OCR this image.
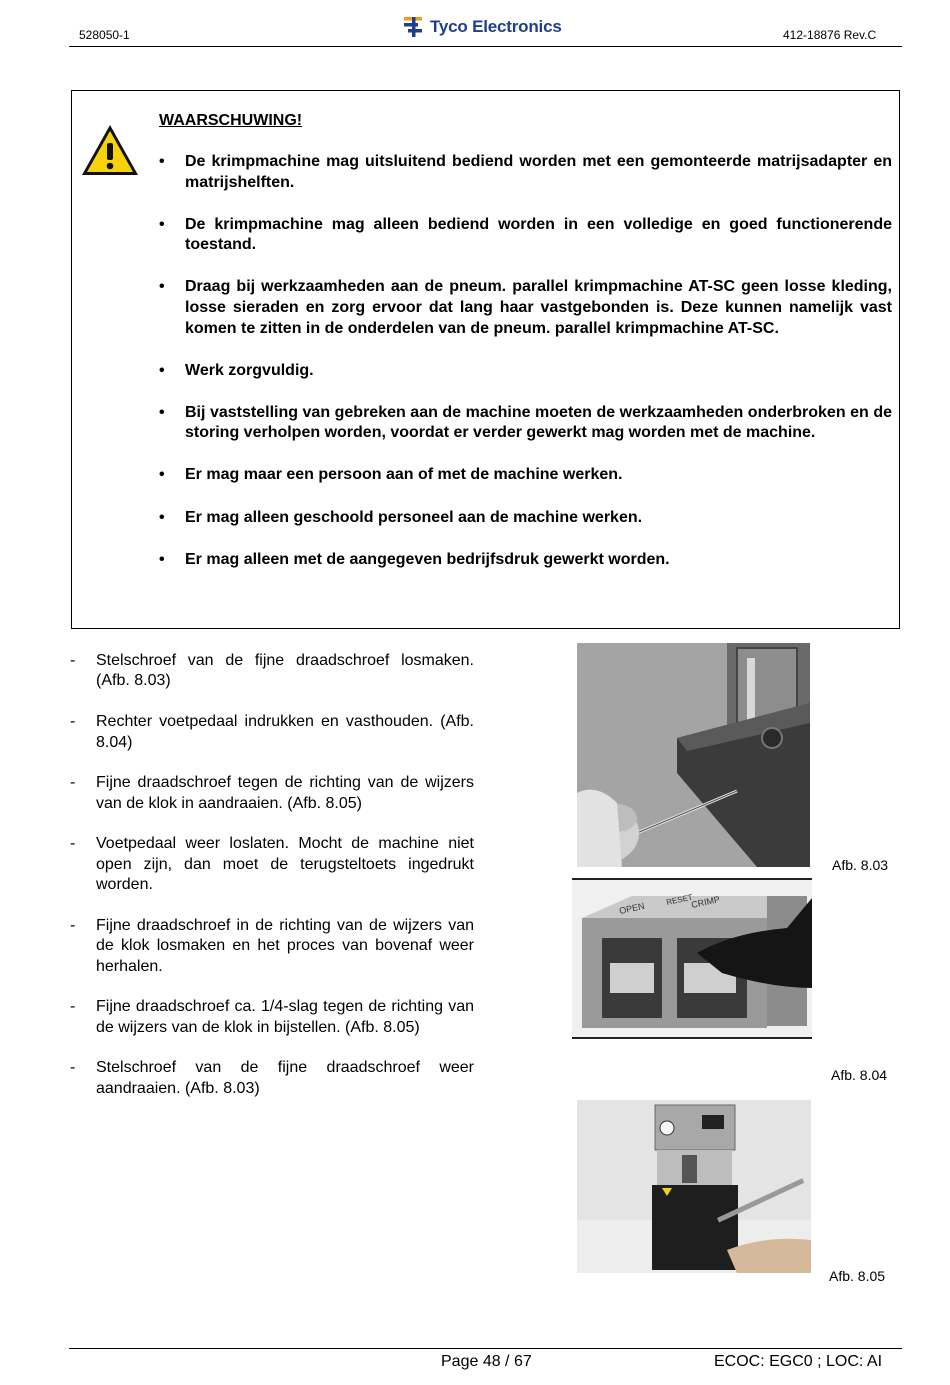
528050-1	Tyco Electronics	412-18876 Rev.C
WAARSCHUWING!
• De krimpmachine mag uitsluitend bediend worden met een gemonteerde matrijsadapter en matrijshelften.
• De krimpmachine mag alleen bediend worden in een volledige en goed functionerende toestand.
• Draag bij werkzaamheden aan de pneum. parallel krimpmachine AT-SC geen losse kleding, losse sieraden en zorg ervoor dat lang haar vastgebonden is. Deze kunnen namelijk vast komen te zitten in de onderdelen van de pneum. parallel krimpmachine AT-SC.
• Werk zorgvuldig.
• Bij vaststelling van gebreken aan de machine moeten de werkzaamheden onderbroken en de storing verholpen worden, voordat er verder gewerkt mag worden met de machine.
• Er mag maar een persoon aan of met de machine werken.
• Er mag alleen geschoold personeel aan de machine werken.
• Er mag alleen met de aangegeven bedrijfsdruk gewerkt worden.
- Stelschroef van de fijne draadschroef losmaken. (Afb. 8.03)
- Rechter voetpedaal indrukken en vasthouden. (Afb. 8.04)
- Fijne draadschroef tegen de richting van de wijzers van de klok in aandraaien. (Afb. 8.05)
- Voetpedaal weer loslaten. Mocht de machine niet open zijn, dan moet de terugsteltoets ingedrukt worden.
- Fijne draadschroef in de richting van de wijzers van de klok losmaken en het proces van bovenaf weer herhalen.
- Fijne draadschroef ca. 1/4-slag tegen de richting van de wijzers van de klok in bijstellen. (Afb. 8.05)
- Stelschroef van de fijne draadschroef weer aandraaien. (Afb. 8.03)
Afb. 8.03
OPEN
RESET
CRIMP
Afb. 8.04
Afb. 8.05
Page 48 / 67	ECOC: EGC0 ; LOC: AI
